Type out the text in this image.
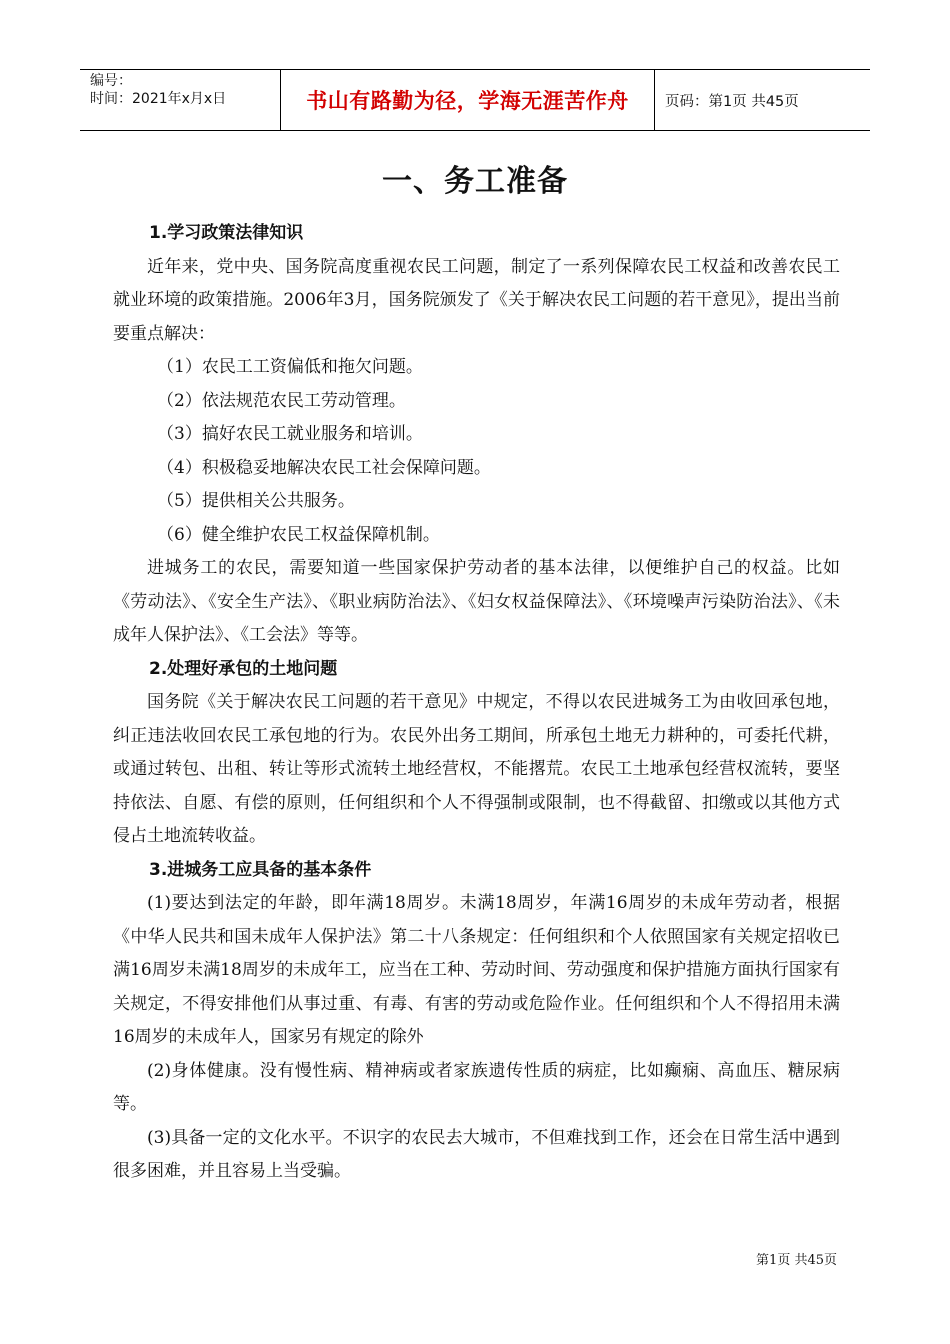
编号：
时间：2021年x月x日	书山有路勤为径，学海无涯苦作舟	页码：第1页 共45页
一、务工准备

1.学习政策法律知识

近年来，党中央、国务院高度重视农民工问题，制定了一系列保障农民工权益和改善农民工就业环境的政策措施。2006年3月，国务院颁发了《关于解决农民工问题的若干意见》，提出当前要重点解决：

（1）农民工工资偏低和拖欠问题。

（2）依法规范农民工劳动管理。

（3）搞好农民工就业服务和培训。

（4）积极稳妥地解决农民工社会保障问题。

（5）提供相关公共服务。

（6）健全维护农民工权益保障机制。

进城务工的农民，需要知道一些国家保护劳动者的基本法律，以便维护自己的权益。比如《劳动法》、《安全生产法》、《职业病防治法》、《妇女权益保障法》、《环境噪声污染防治法》、《未成年人保护法》、《工会法》等等。

2.处理好承包的土地问题

国务院《关于解决农民工问题的若干意见》中规定，不得以农民进城务工为由收回承包地，纠正违法收回农民工承包地的行为。农民外出务工期间，所承包土地无力耕种的，可委托代耕，或通过转包、出租、转让等形式流转土地经营权，不能撂荒。农民工土地承包经营权流转，要坚持依法、自愿、有偿的原则，任何组织和个人不得强制或限制，也不得截留、扣缴或以其他方式侵占土地流转收益。

3.进城务工应具备的基本条件

(1)要达到法定的年龄，即年满18周岁。未满18周岁，年满16周岁的未成年劳动者，根据《中华人民共和国未成年人保护法》第二十八条规定：任何组织和个人依照国家有关规定招收已满16周岁未满18周岁的未成年工，应当在工种、劳动时间、劳动强度和保护措施方面执行国家有关规定，不得安排他们从事过重、有毒、有害的劳动或危险作业。任何组织和个人不得招用未满16周岁的未成年人，国家另有规定的除外

(2)身体健康。没有慢性病、精神病或者家族遗传性质的病症，比如癫痫、高血压、糖尿病等。

(3)具备一定的文化水平。不识字的农民去大城市，不但难找到工作，还会在日常生活中遇到很多困难，并且容易上当受骗。

第1页 共45页
